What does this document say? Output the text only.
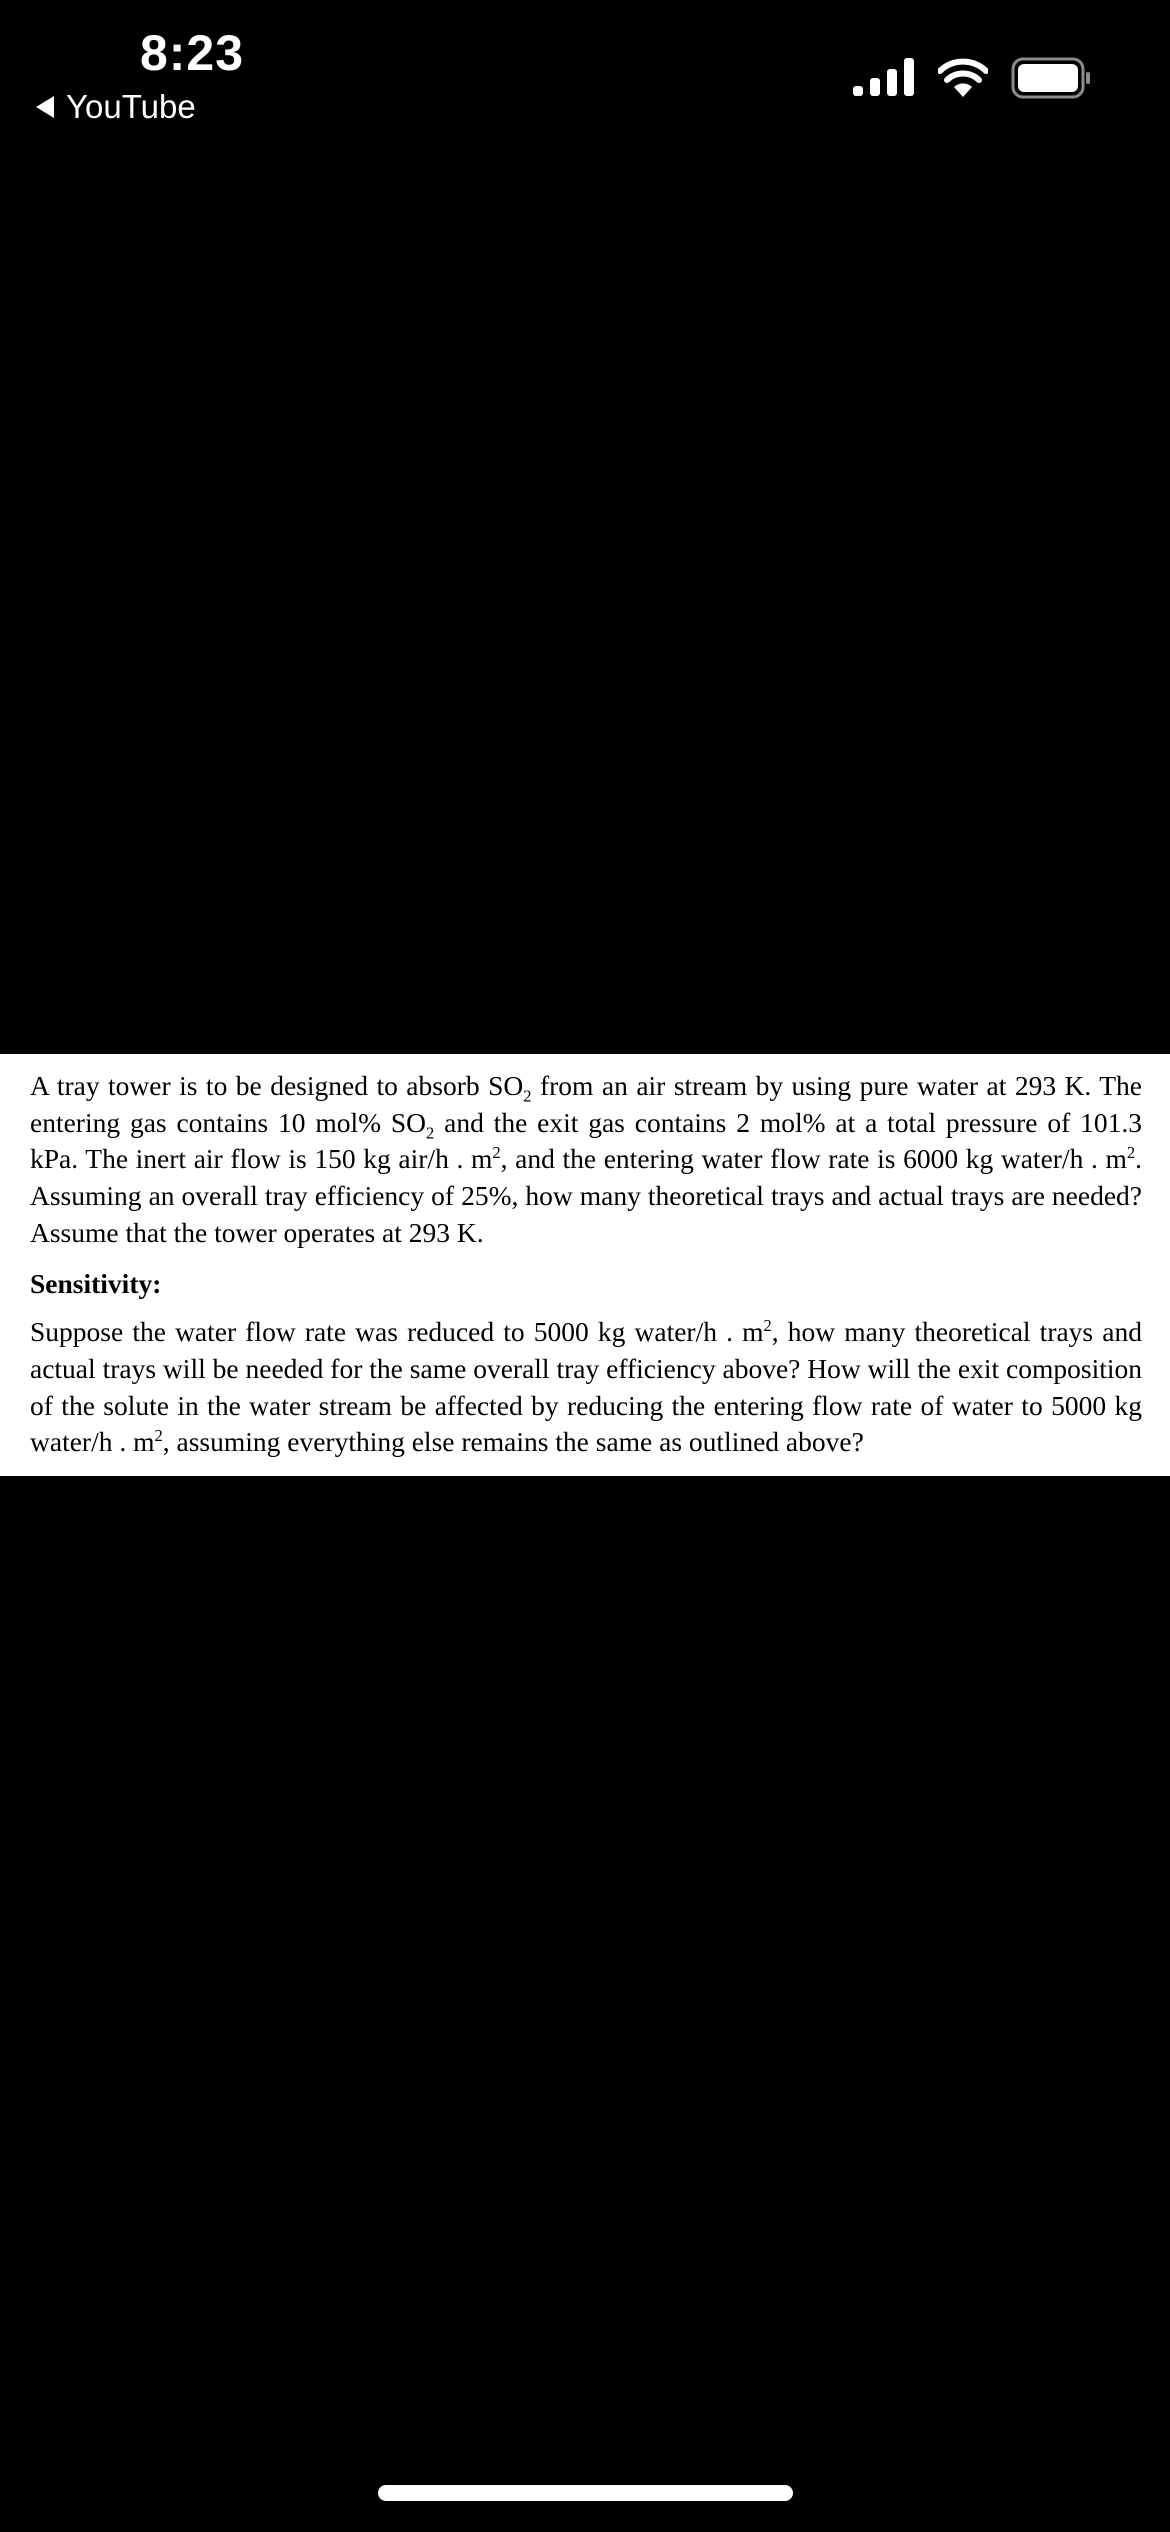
8:23
YouTube

A tray tower is to be designed to absorb $SO_2$ from an air stream by using pure water at 293 K. The entering gas contains 10 mol% $SO_2$ and the exit gas contains 2 mol% at a total pressure of 101.3 kPa. The inert air flow is 150 kg air/h . $m^2$, and the entering water flow rate is 6000 kg water/h . $m^2$. Assuming an overall tray efficiency of 25%, how many theoretical trays and actual trays are needed? Assume that the tower operates at 293 K.

Sensitivity:

Suppose the water flow rate was reduced to 5000 kg water/h . $m^2$, how many theoretical trays and actual trays will be needed for the same overall tray efficiency above? How will the exit composition of the solute in the water stream be affected by reducing the entering flow rate of water to 5000 kg water/h . $m^2$, assuming everything else remains the same as outlined above?
